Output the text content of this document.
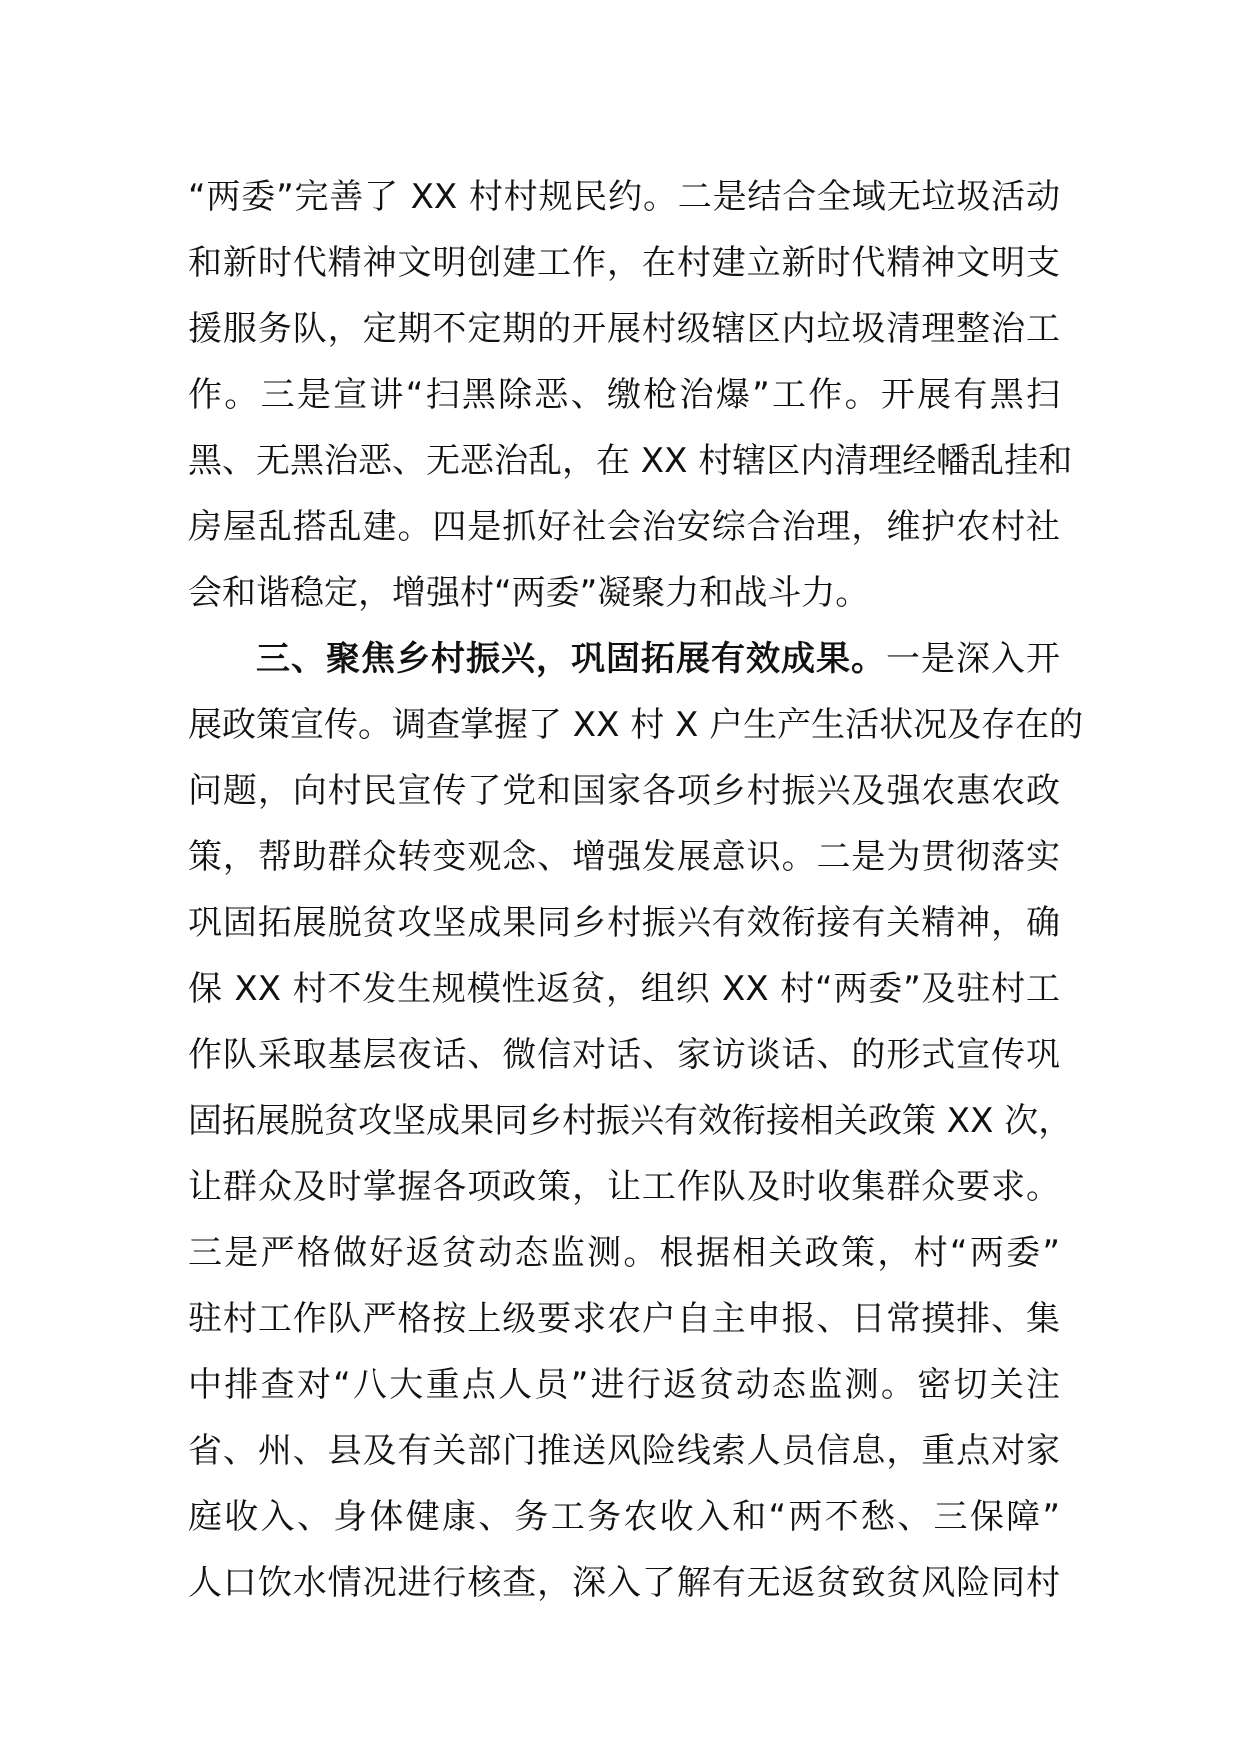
“两委”完善了 XX 村村规民约。二是结合全域无垃圾活动
和新时代精神文明创建工作，在村建立新时代精神文明支
援服务队，定期不定期的开展村级辖区内垃圾清理整治工
作。三是宣讲“扫黑除恶、缴枪治爆”工作。开展有黑扫
黑、无黑治恶、无恶治乱，在 XX 村辖区内清理经幡乱挂和
房屋乱搭乱建。四是抓好社会治安综合治理，维护农村社
会和谐稳定，增强村“两委”凝聚力和战斗力。
三、聚焦乡村振兴，巩固拓展有效成果。一是深入开
展政策宣传。调查掌握了 XX 村 X 户生产生活状况及存在的
问题，向村民宣传了党和国家各项乡村振兴及强农惠农政
策，帮助群众转变观念、增强发展意识。二是为贯彻落实
巩固拓展脱贫攻坚成果同乡村振兴有效衔接有关精神，确
保 XX 村不发生规模性返贫，组织 XX 村“两委”及驻村工
作队采取基层夜话、微信对话、家访谈话、的形式宣传巩
固拓展脱贫攻坚成果同乡村振兴有效衔接相关政策 XX 次，
让群众及时掌握各项政策，让工作队及时收集群众要求。
三是严格做好返贫动态监测。根据相关政策，村“两委”
驻村工作队严格按上级要求农户自主申报、日常摸排、集
中排查对“八大重点人员”进行返贫动态监测。密切关注
省、州、县及有关部门推送风险线索人员信息，重点对家
庭收入、身体健康、务工务农收入和“两不愁、三保障”
人口饮水情况进行核查，深入了解有无返贫致贫风险同村
